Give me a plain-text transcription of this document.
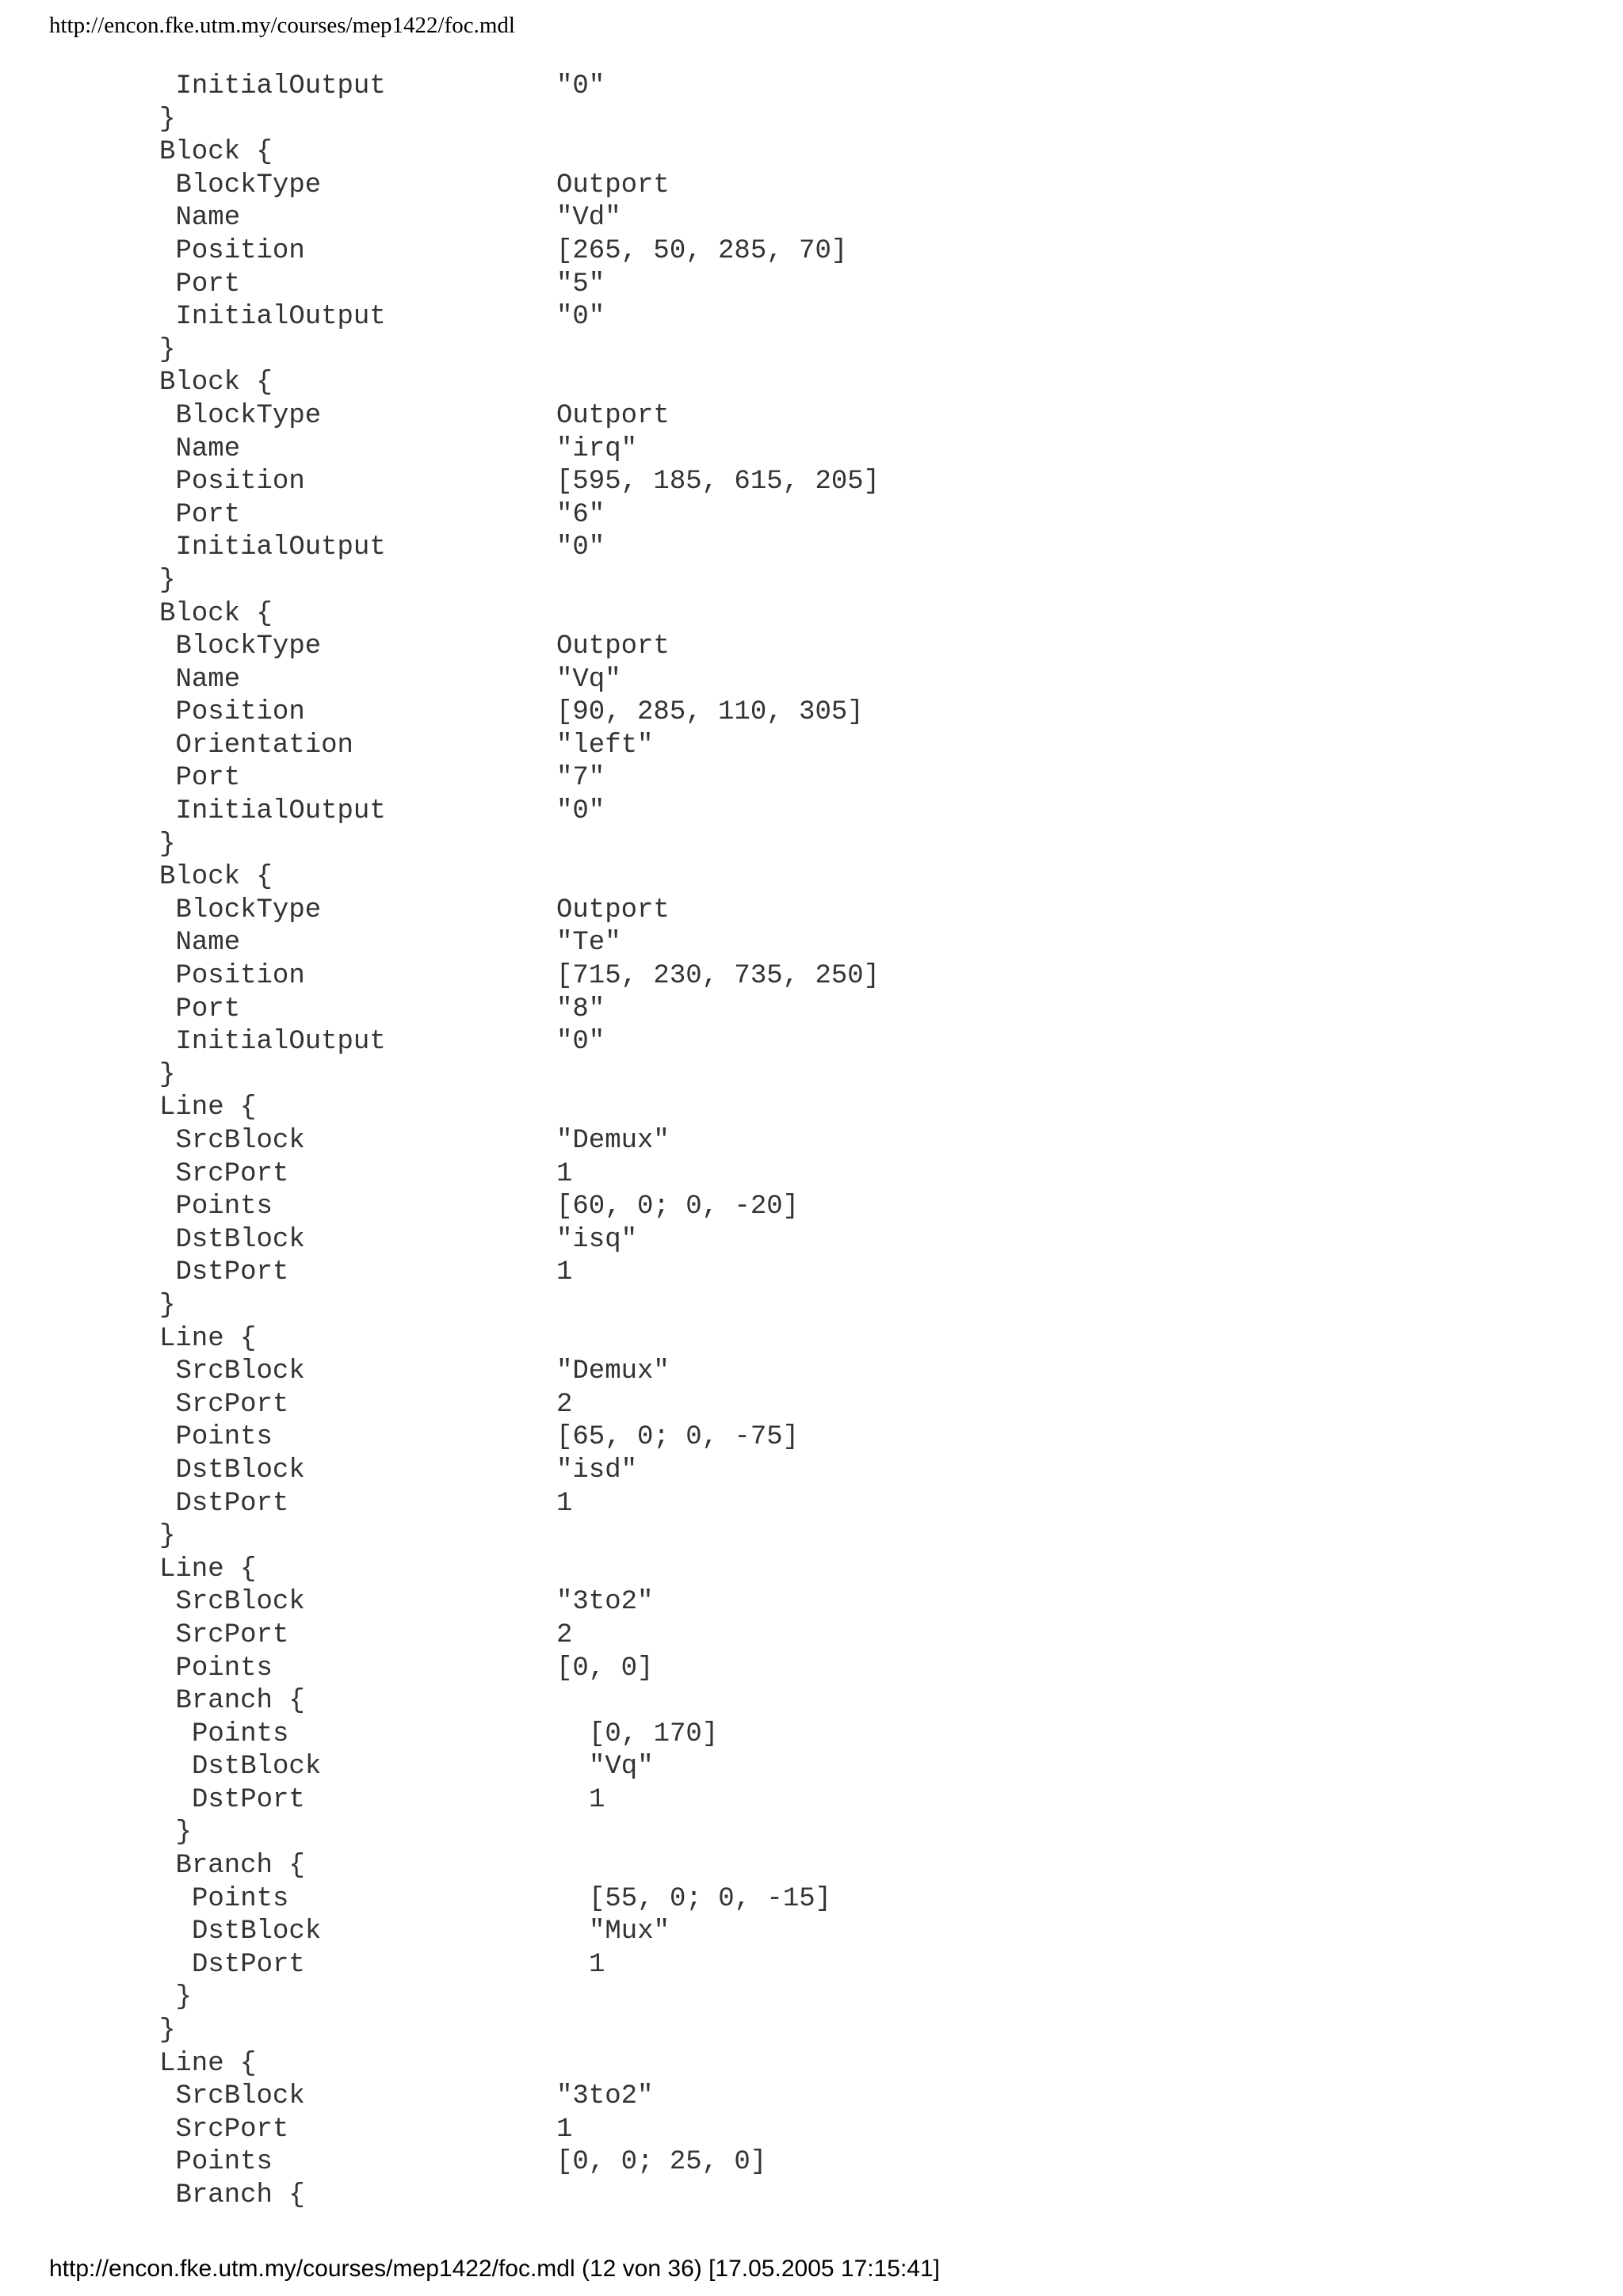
http://encon.fke.utm.my/courses/mep1422/foc.mdl
InitialOutput	"0"
}
Block {
BlockType	Outport
Name	"Vd"
Position	[265, 50, 285, 70]
Port	"5"
InitialOutput	"0"
}
Block {
BlockType	Outport
Name	"irq"
Position	[595, 185, 615, 205]
Port	"6"
InitialOutput	"0"
}
Block {
BlockType	Outport
Name	"Vq"
Position	[90, 285, 110, 305]
Orientation	"left"
Port	"7"
InitialOutput	"0"
}
Block {
BlockType	Outport
Name	"Te"
Position	[715, 230, 735, 250]
Port	"8"
InitialOutput	"0"
}
Line {
SrcBlock	"Demux"
SrcPort	1
Points	[60, 0; 0, -20]
DstBlock	"isq"
DstPort	1
}
Line {
SrcBlock	"Demux"
SrcPort	2
Points	[65, 0; 0, -75]
DstBlock	"isd"
DstPort	1
}
Line {
SrcBlock	"3to2"
SrcPort	2
Points	[0, 0]
Branch {
Points	[0, 170]
DstBlock	"Vq"
DstPort	1
}
Branch {
Points	[55, 0; 0, -15]
DstBlock	"Mux"
DstPort	1
}
}
Line {
SrcBlock	"3to2"
SrcPort	1
Points	[0, 0; 25, 0]
Branch {
http://encon.fke.utm.my/courses/mep1422/foc.mdl (12 von 36) [17.05.2005 17:15:41]
